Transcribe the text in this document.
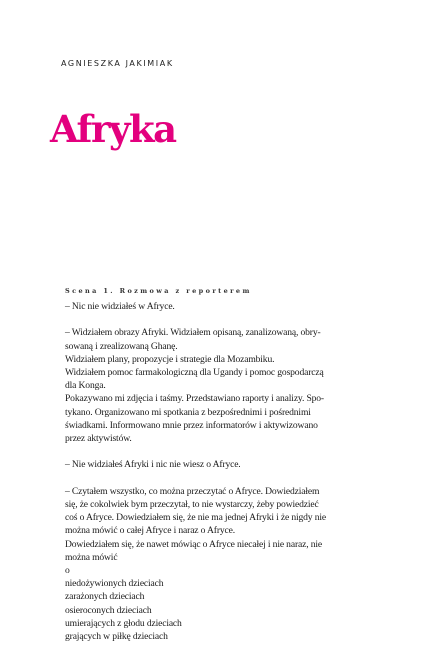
AGNIESZKA JAKIMIAK
Afryka
Scena 1. Rozmowa z reporterem

– Nic nie widziałeś w Afryce.

– Widziałem obrazy Afryki. Widziałem opisaną, zanalizowaną, obry-

sowaną i zrealizowaną Ghanę.

Widziałem plany, propozycje i strategie dla Mozambiku.

Widziałem pomoc farmakologiczną dla Ugandy i pomoc gospodarczą

dla Konga.

Pokazywano mi zdjęcia i taśmy. Przedstawiano raporty i analizy. Spo-

tykano. Organizowano mi spotkania z bezpośrednimi i pośrednimi

świadkami. Informowano mnie przez informatorów i aktywizowano

przez aktywistów.

– Nie widziałeś Afryki i nic nie wiesz o Afryce.

– Czytałem wszystko, co można przeczytać o Afryce. Dowiedziałem

się, że cokolwiek bym przeczytał, to nie wystarczy, żeby powiedzieć

coś o Afryce. Dowiedziałem się, że nie ma jednej Afryki i że nigdy nie

można mówić o całej Afryce i naraz o Afryce.

Dowiedziałem się, że nawet mówiąc o Afryce niecałej i nie naraz, nie

można mówić

o

niedożywionych dzieciach

zarażonych dzieciach

osieroconych dzieciach

umierających z głodu dzieciach

grających w piłkę dzieciach
